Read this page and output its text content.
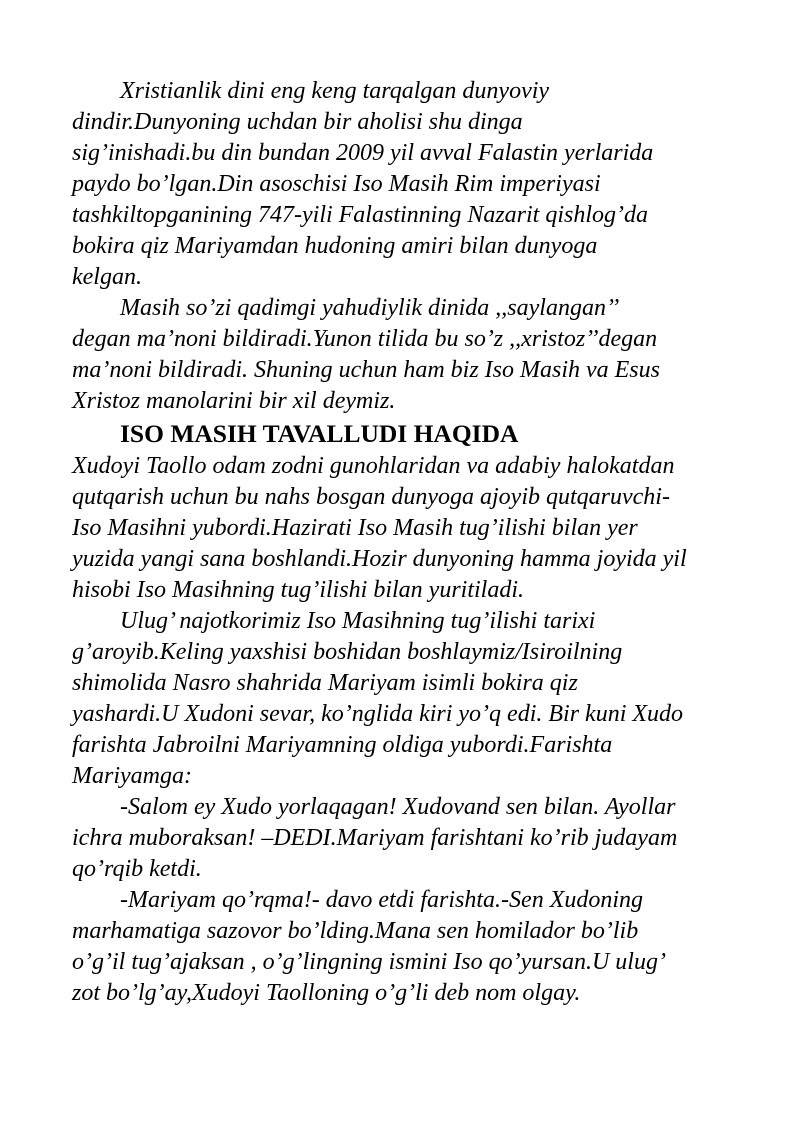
Xristianlik dini eng keng tarqalgan dunyoviy
dindir.Dunyoning uchdan bir aholisi shu dinga
sig’inishadi.bu din bundan 2009 yil avval Falastin yerlarida
paydo bo’lgan.Din asoschisi Iso Masih Rim imperiyasi
tashkiltopganining 747-yili Falastinning Nazarit qishlog’da
bokira qiz Mariyamdan hudoning amiri bilan dunyoga
kelgan.
Masih so’zi qadimgi yahudiylik dinida ,,saylangan’’
degan ma’noni bildiradi.Yunon tilida bu so’z ,,xristoz’’degan
ma’noni bildiradi. Shuning uchun ham biz Iso Masih va Esus
Xristoz manolarini bir xil deymiz.
ISO MASIH TAVALLUDI HAQIDA
Xudoyi Taollo odam zodni gunohlaridan va adabiy halokatdan
qutqarish uchun bu nahs bosgan dunyoga ajoyib qutqaruvchi-
Iso Masihni yubordi.Hazirati Iso Masih tug’ilishi bilan yer
yuzida yangi sana boshlandi.Hozir dunyoning hamma joyida yil
hisobi Iso Masihning tug’ilishi bilan yuritiladi.
Ulug’ najotkorimiz Iso Masihning tug’ilishi tarixi
g’aroyib.Keling yaxshisi boshidan boshlaymiz/Isiroilning
shimolida Nasro shahrida Mariyam isimli bokira qiz
yashardi.U Xudoni sevar, ko’nglida kiri yo’q edi. Bir kuni Xudo
farishta Jabroilni Mariyamning oldiga yubordi.Farishta
Mariyamga:
-Salom ey Xudo yorlaqagan! Xudovand sen bilan. Ayollar
ichra muboraksan! –DEDI.Mariyam farishtani ko’rib judayam
qo’rqib ketdi.
-Mariyam qo’rqma!- davo etdi farishta.-Sen Xudoning
marhamatiga sazovor bo’lding.Mana sen homilador bo’lib
o’g’il tug’ajaksan , o’g’lingning ismini Iso qo’yursan.U ulug’
zot bo’lg’ay,Xudoyi Taolloning o’g’li deb nom olgay.
